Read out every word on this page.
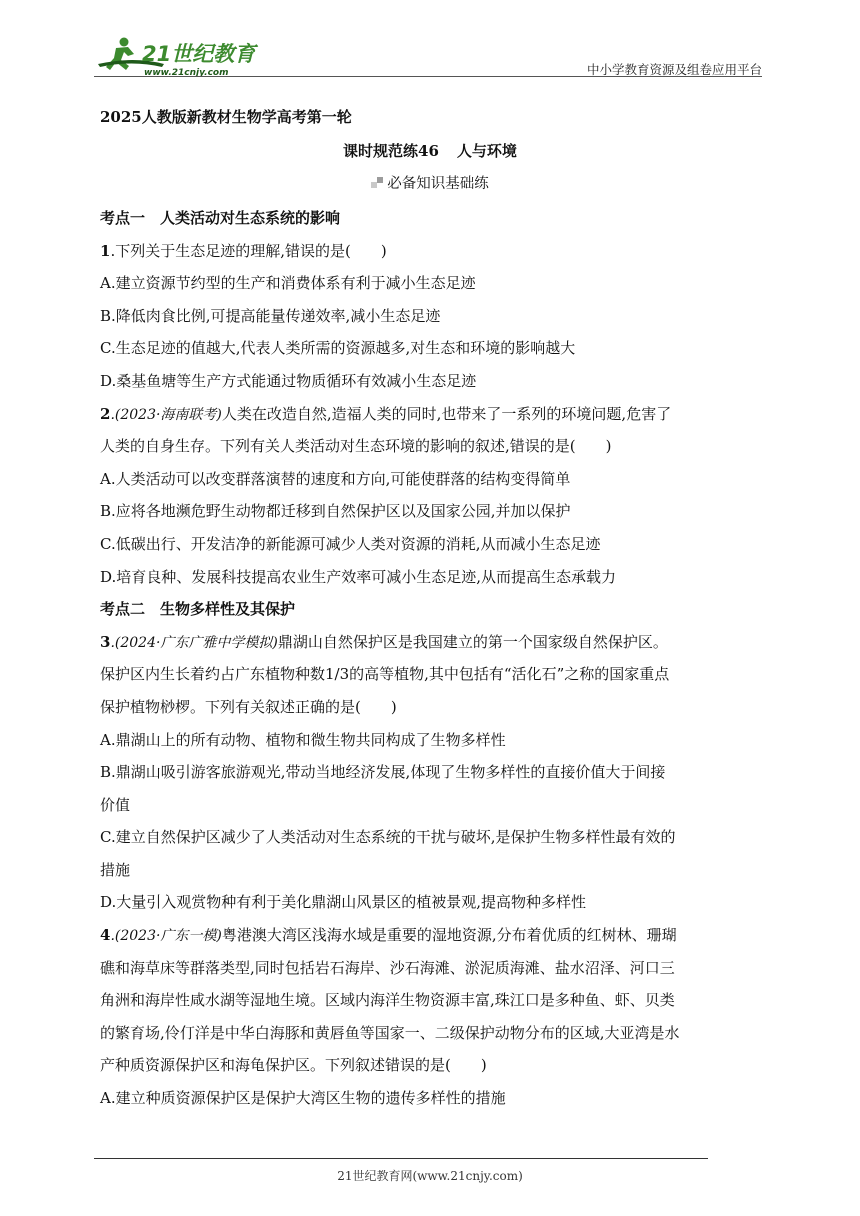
21世纪教育
www.21cnjy.com	中小学教育资源及组卷应用平台
2025人教版新教材生物学高考第一轮
课时规范练46 人与环境
必备知识基础练
考点一　人类活动对生态系统的影响
1.下列关于生态足迹的理解,错误的是(　　)
A.建立资源节约型的生产和消费体系有利于减小生态足迹
B.降低肉食比例,可提高能量传递效率,减小生态足迹
C.生态足迹的值越大,代表人类所需的资源越多,对生态和环境的影响越大
D.桑基鱼塘等生产方式能通过物质循环有效减小生态足迹
2.(2023·海南联考)人类在改造自然,造福人类的同时,也带来了一系列的环境问题,危害了
人类的自身生存。下列有关人类活动对生态环境的影响的叙述,错误的是(　　)
A.人类活动可以改变群落演替的速度和方向,可能使群落的结构变得简单
B.应将各地濒危野生动物都迁移到自然保护区以及国家公园,并加以保护
C.低碳出行、开发洁净的新能源可减少人类对资源的消耗,从而减小生态足迹
D.培育良种、发展科技提高农业生产效率可减小生态足迹,从而提高生态承载力
考点二　生物多样性及其保护
3.(2024·广东广雅中学模拟)鼎湖山自然保护区是我国建立的第一个国家级自然保护区。
保护区内生长着约占广东植物种数1/3的高等植物,其中包括有“活化石”之称的国家重点
保护植物桫椤。下列有关叙述正确的是(　　)
A.鼎湖山上的所有动物、植物和微生物共同构成了生物多样性
B.鼎湖山吸引游客旅游观光,带动当地经济发展,体现了生物多样性的直接价值大于间接
价值
C.建立自然保护区减少了人类活动对生态系统的干扰与破坏,是保护生物多样性最有效的
措施
D.大量引入观赏物种有利于美化鼎湖山风景区的植被景观,提高物种多样性
4.(2023·广东一模)粤港澳大湾区浅海水域是重要的湿地资源,分布着优质的红树林、珊瑚
礁和海草床等群落类型,同时包括岩石海岸、沙石海滩、淤泥质海滩、盐水沼泽、河口三
角洲和海岸性咸水湖等湿地生境。区域内海洋生物资源丰富,珠江口是多种鱼、虾、贝类
的繁育场,伶仃洋是中华白海豚和黄唇鱼等国家一、二级保护动物分布的区域,大亚湾是水
产种质资源保护区和海龟保护区。下列叙述错误的是(　　)
A.建立种质资源保护区是保护大湾区生物的遗传多样性的措施
21世纪教育网(www.21cnjy.com)
